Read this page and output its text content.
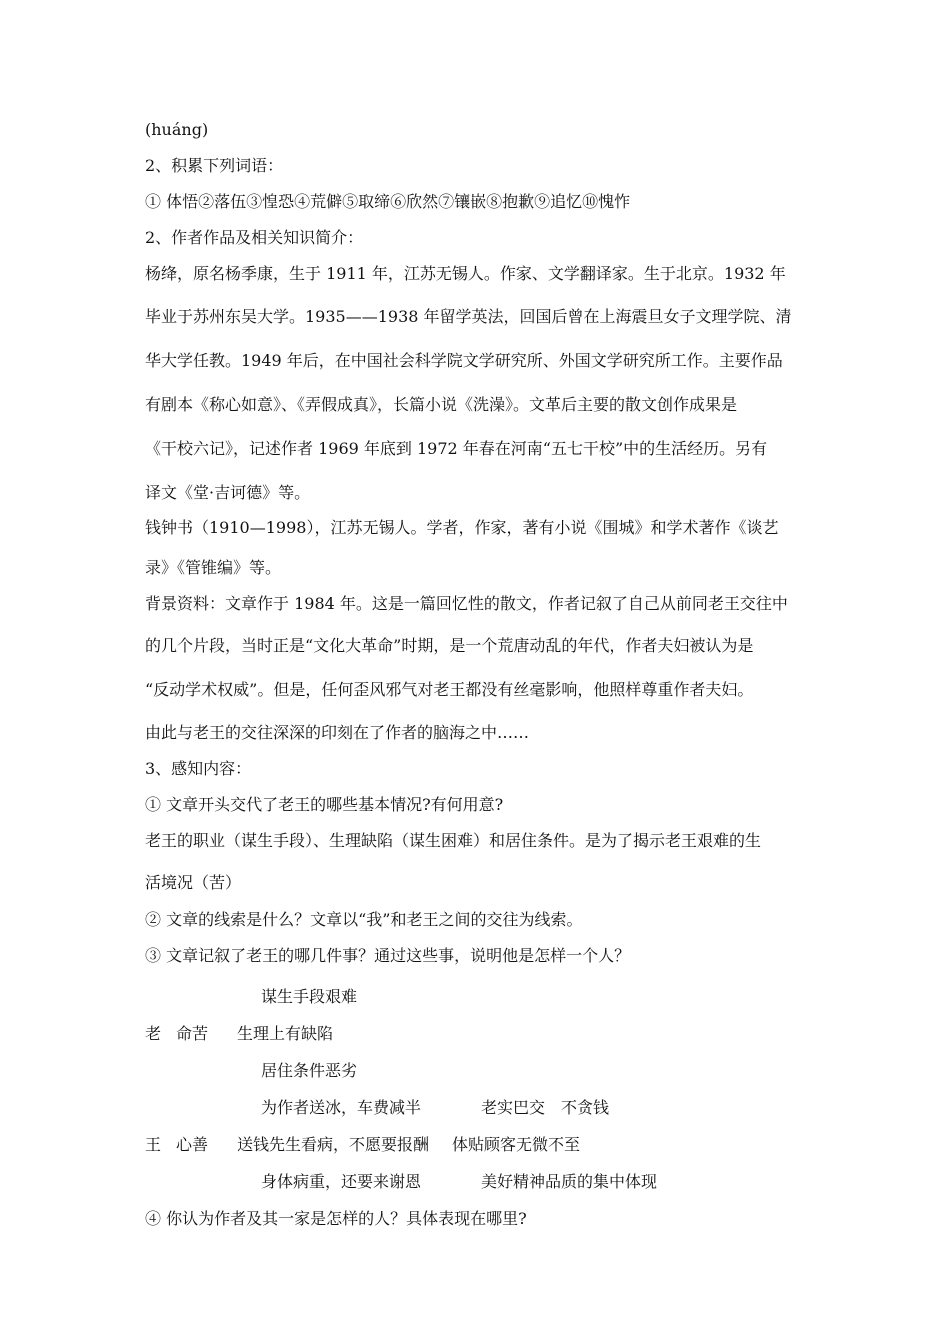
(huáng)
2、积累下列词语：
① 体悟②落伍③惶恐④荒僻⑤取缔⑥欣然⑦镶嵌⑧抱歉⑨追忆⑩愧怍
2、作者作品及相关知识简介：
杨绛，原名杨季康，生于 1911 年，江苏无锡人。作家、文学翻译家。生于北京。1932 年
毕业于苏州东吴大学。1935——1938 年留学英法，回国后曾在上海震旦女子文理学院、清
华大学任教。1949 年后，在中国社会科学院文学研究所、外国文学研究所工作。主要作品
有剧本《称心如意》、《弄假成真》，长篇小说《洗澡》。文革后主要的散文创作成果是
《干校六记》，记述作者 1969 年底到 1972 年春在河南“五七干校”中的生活经历。另有
译文《堂·吉诃德》等。
钱钟书（1910—1998），江苏无锡人。学者，作家，著有小说《围城》和学术著作《谈艺
录》《管锥编》等。
背景资料：文章作于 1984 年。这是一篇回忆性的散文，作者记叙了自己从前同老王交往中
的几个片段，当时正是“文化大革命”时期，是一个荒唐动乱的年代，作者夫妇被认为是
“反动学术权威”。但是，任何歪风邪气对老王都没有丝毫影响，他照样尊重作者夫妇。
由此与老王的交往深深的印刻在了作者的脑海之中……
3、感知内容：
① 文章开头交代了老王的哪些基本情况?有何用意?
老王的职业（谋生手段）、生理缺陷（谋生困难）和居住条件。是为了揭示老王艰难的生
活境况（苦）
② 文章的线索是什么？文章以“我”和老王之间的交往为线索。
③ 文章记叙了老王的哪几件事？通过这些事，说明他是怎样一个人？
谋生手段艰难
老 命苦 生理上有缺陷
居住条件恶劣
为作者送冰，车费减半	老实巴交　不贪钱
王 心善 送钱先生看病，不愿要报酬 体贴顾客无微不至
身体病重，还要来谢恩	美好精神品质的集中体现
④ 你认为作者及其一家是怎样的人？具体表现在哪里?
